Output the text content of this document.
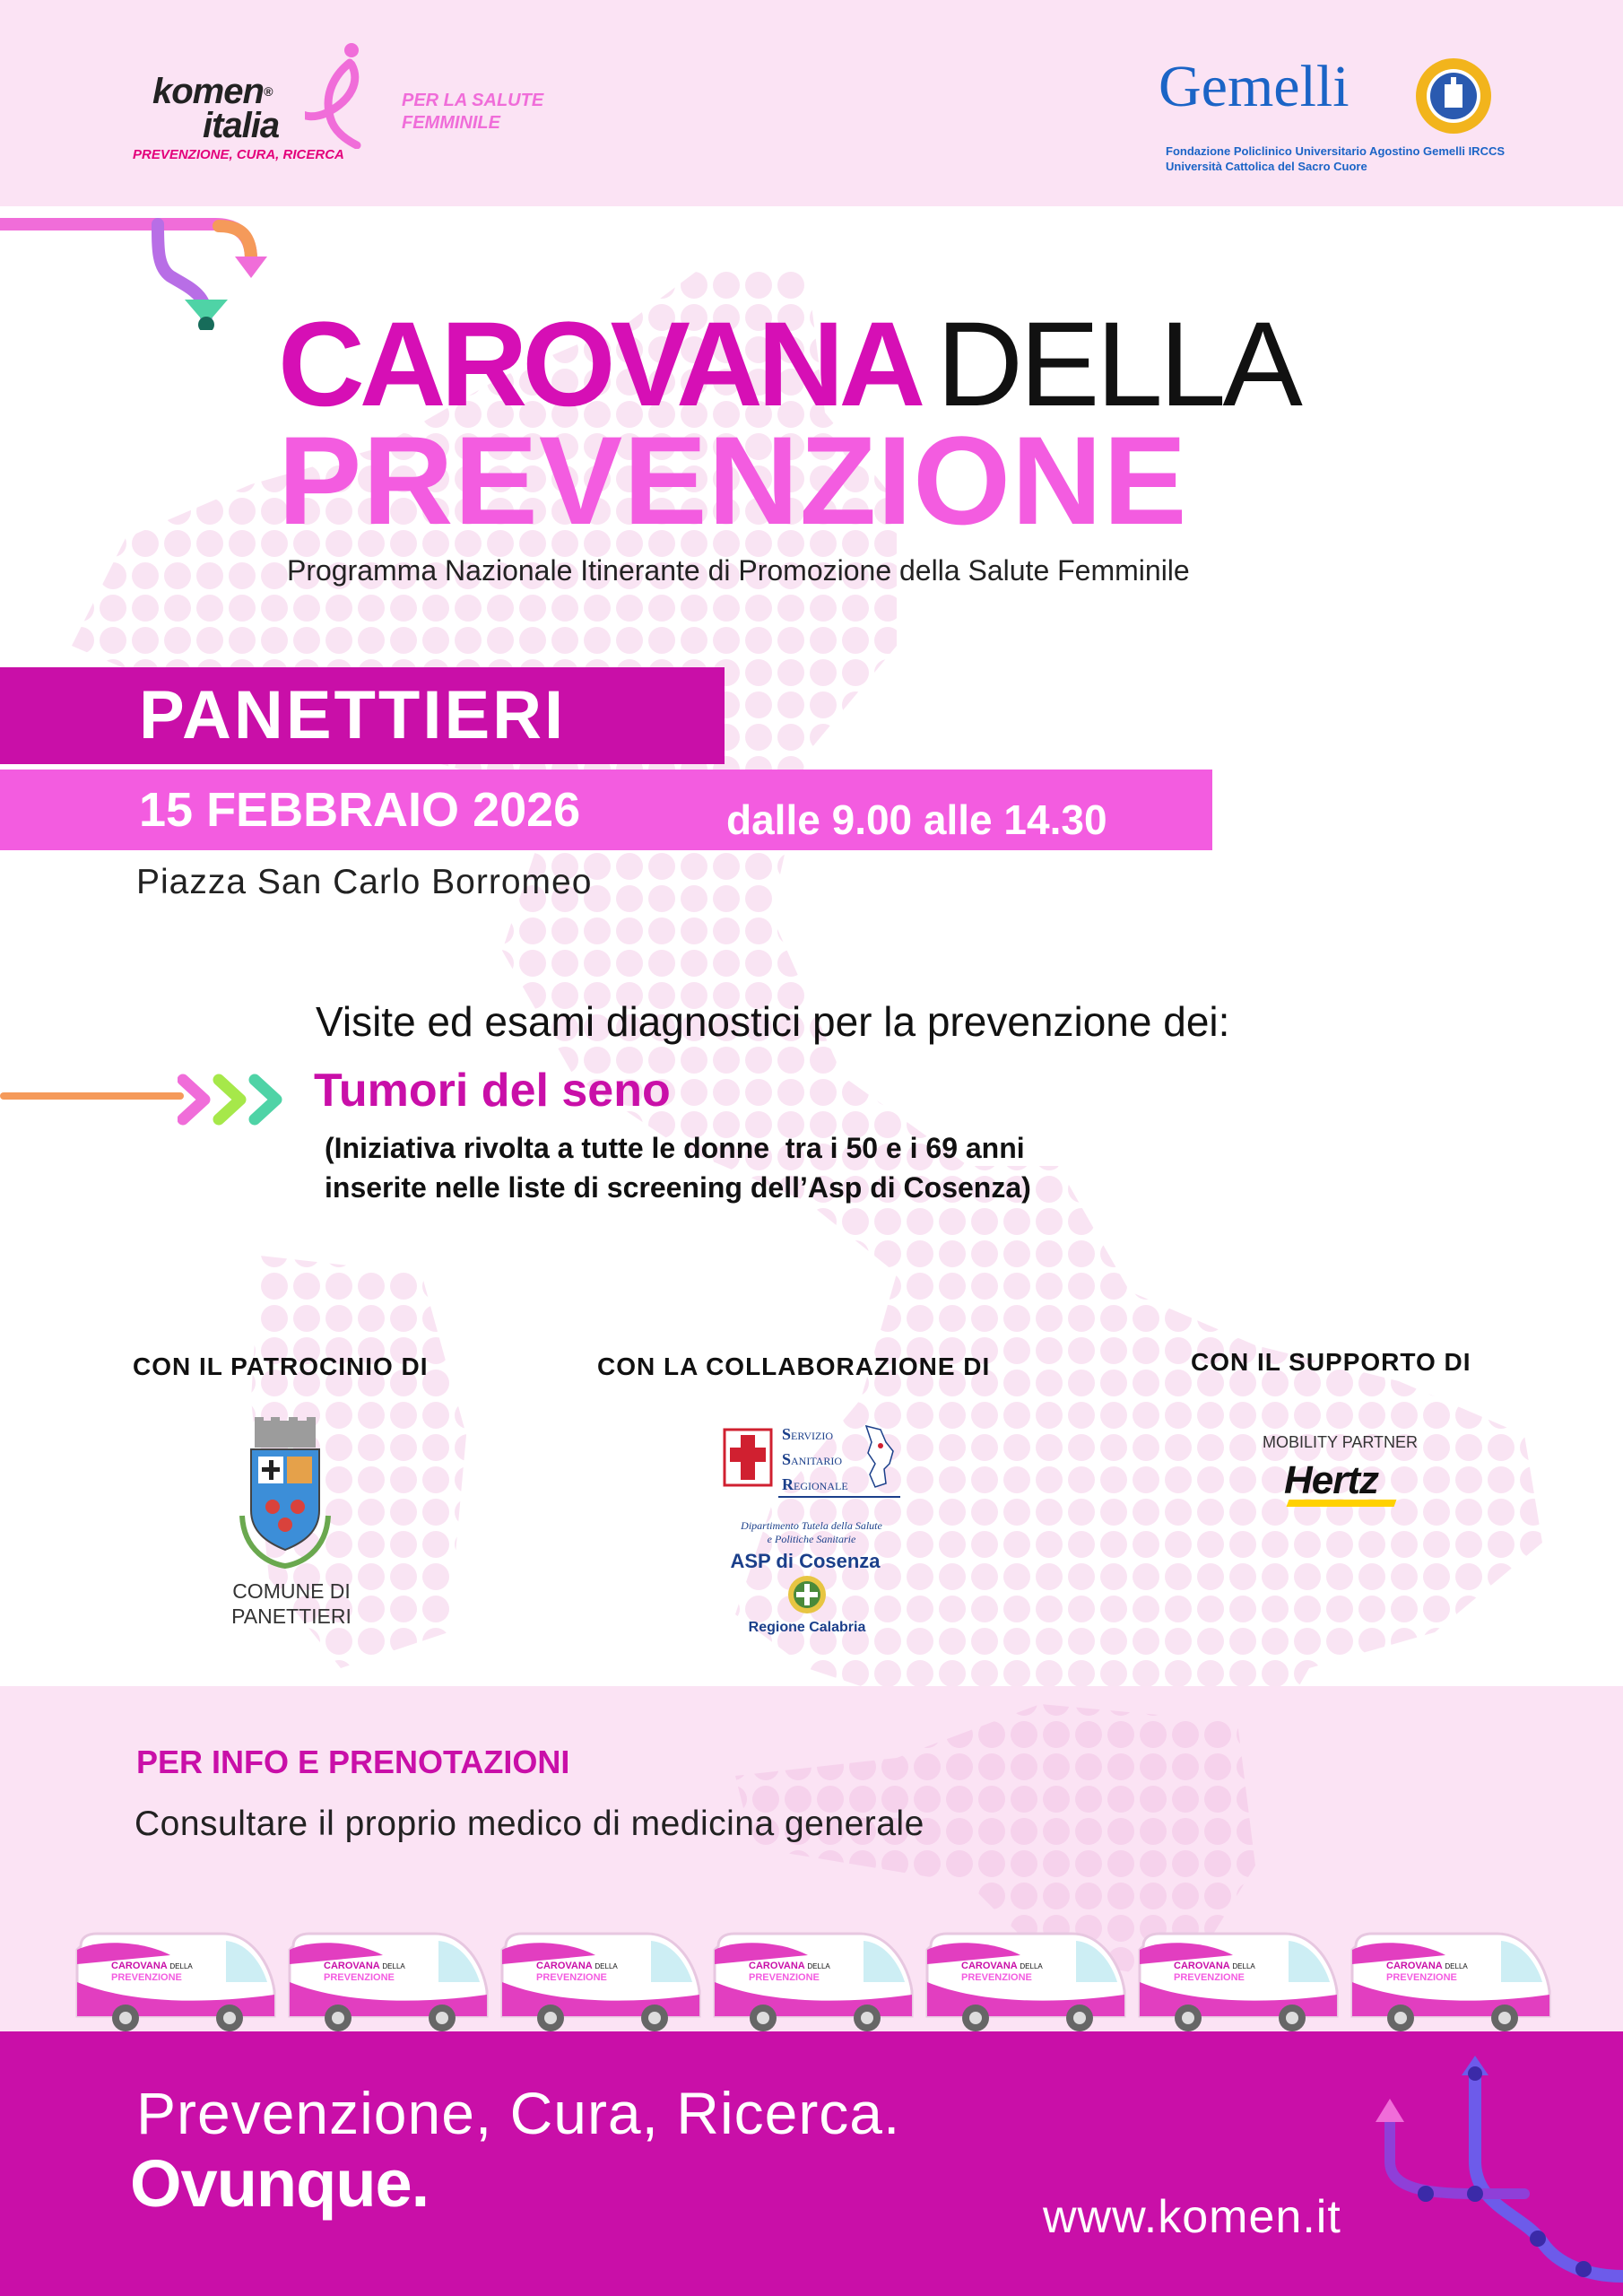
komen®
italia
PREVENZIONE, CURA, RICERCA
PER LA SALUTE
FEMMINILE
Gemelli
Fondazione Policlinico Universitario Agostino Gemelli IRCCS
Università Cattolica del Sacro Cuore
CAROVANA DELLA
PREVENZIONE
Programma Nazionale Itinerante di Promozione della Salute Femminile
PANETTIERI
15 FEBBRAIO 2026	dalle 9.00 alle 14.30
Piazza San Carlo Borromeo
Visite ed esami diagnostici per la prevenzione dei:
Tumori del seno
(Iniziativa rivolta a tutte le donne  tra i 50 e i 69 anni
inserite nelle liste di screening dell’Asp di Cosenza)
CON IL PATROCINIO DI	CON LA COLLABORAZIONE DI	CON IL SUPPORTO DI
COMUNE DI
PANETTIERI
SERVIZIO
SANITARIO
REGIONALE
Dipartimento Tutela della Salute
e Politiche Sanitarie
ASP di Cosenza
Regione Calabria
MOBILITY PARTNER
Hertz
PER INFO E PRENOTAZIONI
Consultare il proprio medico di medicina generale
CAROVANA DELLA
PREVENZIONE
CAROVANA DELLA
PREVENZIONE
CAROVANA DELLA
PREVENZIONE
CAROVANA DELLA
PREVENZIONE
CAROVANA DELLA
PREVENZIONE
CAROVANA DELLA
PREVENZIONE
CAROVANA DELLA
PREVENZIONE
Prevenzione, Cura, Ricerca.
Ovunque.	www.komen.it
